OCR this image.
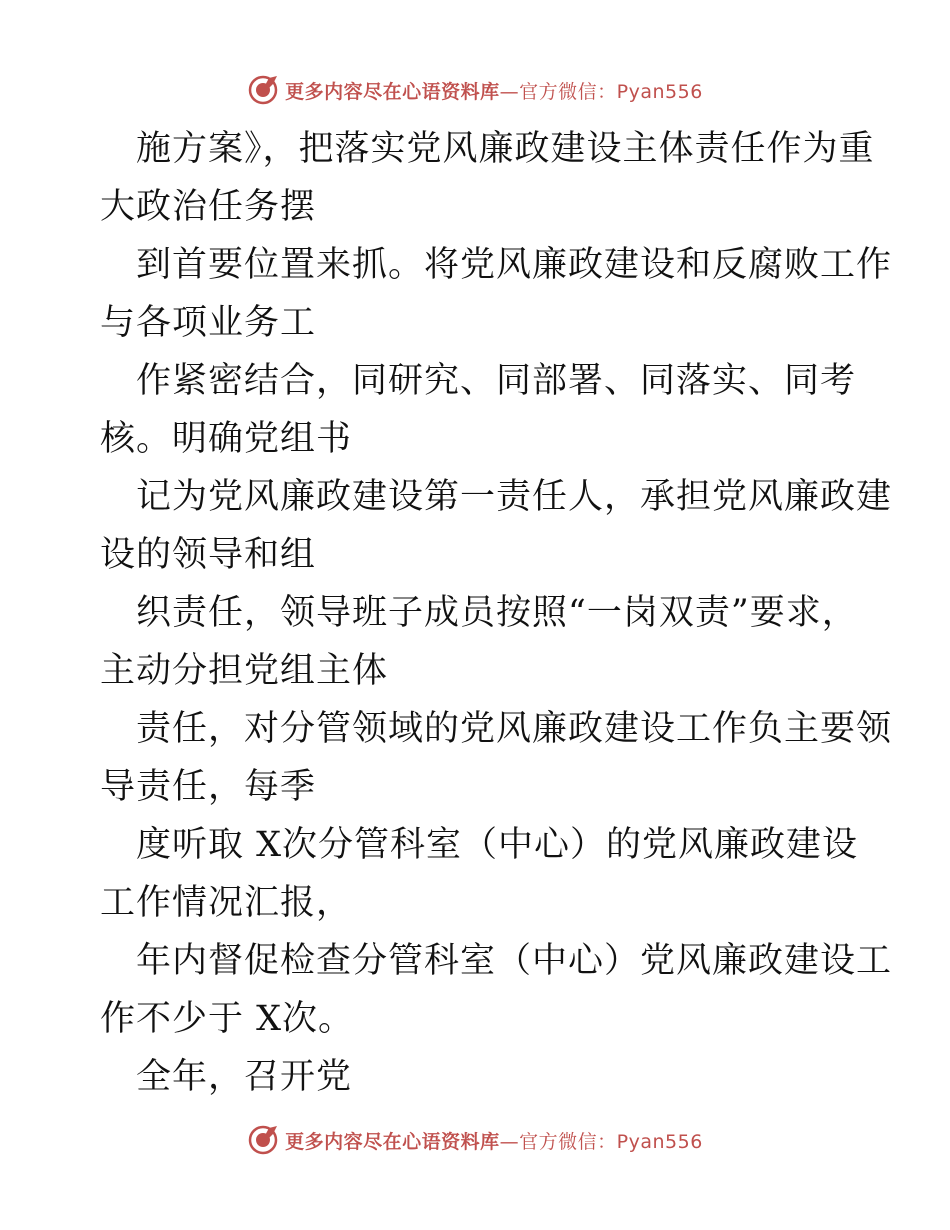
更多内容尽在心语资料库—官方微信：Pyan556
施方案》，把落实党风廉政建设主体责任作为重
大政治任务摆
到首要位置来抓。将党风廉政建设和反腐败工作
与各项业务工
作紧密结合，同研究、同部署、同落实、同考
核。明确党组书
记为党风廉政建设第一责任人，承担党风廉政建
设的领导和组
织责任，领导班子成员按照“一岗双责”要求，
主动分担党组主体
责任，对分管领域的党风廉政建设工作负主要领
导责任，每季
度听取 X次分管科室（中心）的党风廉政建设
工作情况汇报，
年内督促检查分管科室（中心）党风廉政建设工
作不少于 X次。
全年，召开党
更多内容尽在心语资料库—官方微信：Pyan556
